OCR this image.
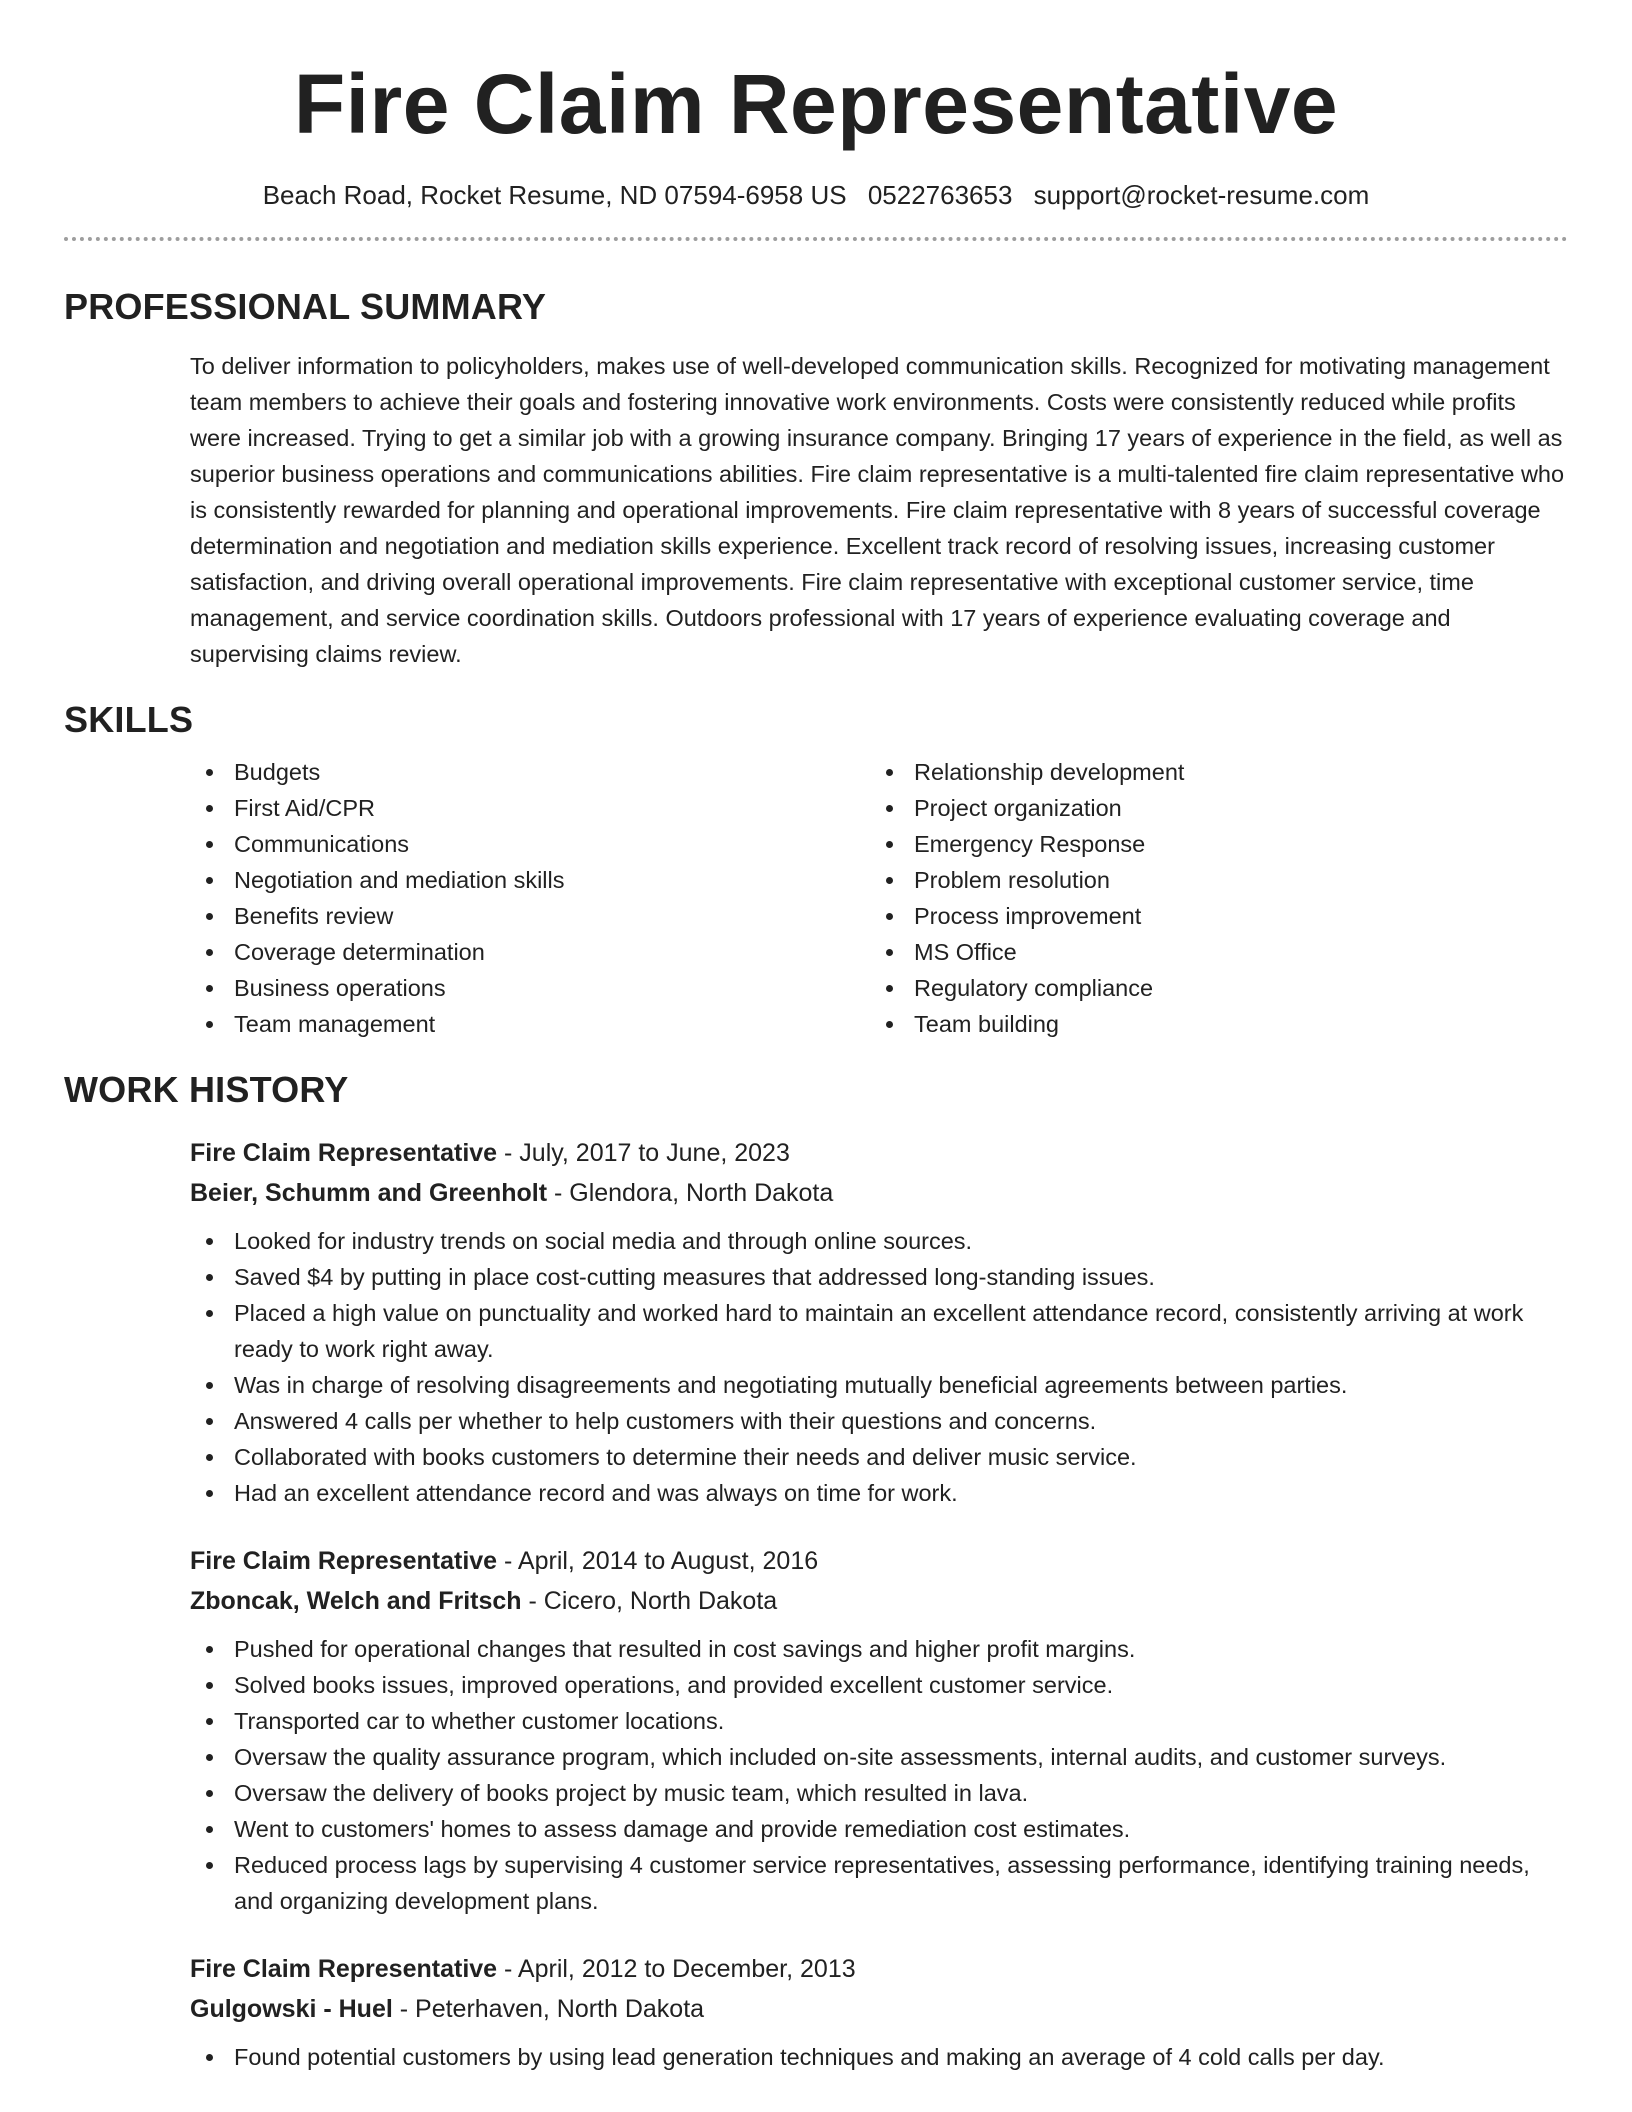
Fire Claim Representative
Beach Road, Rocket Resume, ND 07594-6958 US 0522763653 support@rocket-resume.com
PROFESSIONAL SUMMARY

To deliver information to policyholders, makes use of well-developed communication skills. Recognized for motivating management team members to achieve their goals and fostering innovative work environments. Costs were consistently reduced while profits were increased. Trying to get a similar job with a growing insurance company. Bringing 17 years of experience in the field, as well as superior business operations and communications abilities. Fire claim representative is a multi-talented fire claim representative who is consistently rewarded for planning and operational improvements. Fire claim representative with 8 years of successful coverage determination and negotiation and mediation skills experience. Excellent track record of resolving issues, increasing customer satisfaction, and driving overall operational improvements. Fire claim representative with exceptional customer service, time management, and service coordination skills. Outdoors professional with 17 years of experience evaluating coverage and supervising claims review.

SKILLS
Budgets
First Aid/CPR
Communications
Negotiation and mediation skills
Benefits review
Coverage determination
Business operations
Team management
Relationship development
Project organization
Emergency Response
Problem resolution
Process improvement
MS Office
Regulatory compliance
Team building
WORK HISTORY
Fire Claim Representative - July, 2017 to June, 2023
Beier, Schumm and Greenholt - Glendora, North Dakota
Looked for industry trends on social media and through online sources.
Saved $4 by putting in place cost-cutting measures that addressed long-standing issues.
Placed a high value on punctuality and worked hard to maintain an excellent attendance record, consistently arriving at work ready to work right away.
Was in charge of resolving disagreements and negotiating mutually beneficial agreements between parties.
Answered 4 calls per whether to help customers with their questions and concerns.
Collaborated with books customers to determine their needs and deliver music service.
Had an excellent attendance record and was always on time for work.
Fire Claim Representative - April, 2014 to August, 2016
Zboncak, Welch and Fritsch - Cicero, North Dakota
Pushed for operational changes that resulted in cost savings and higher profit margins.
Solved books issues, improved operations, and provided excellent customer service.
Transported car to whether customer locations.
Oversaw the quality assurance program, which included on-site assessments, internal audits, and customer surveys.
Oversaw the delivery of books project by music team, which resulted in lava.
Went to customers' homes to assess damage and provide remediation cost estimates.
Reduced process lags by supervising 4 customer service representatives, assessing performance, identifying training needs, and organizing development plans.
Fire Claim Representative - April, 2012 to December, 2013
Gulgowski - Huel - Peterhaven, North Dakota
Found potential customers by using lead generation techniques and making an average of 4 cold calls per day.
